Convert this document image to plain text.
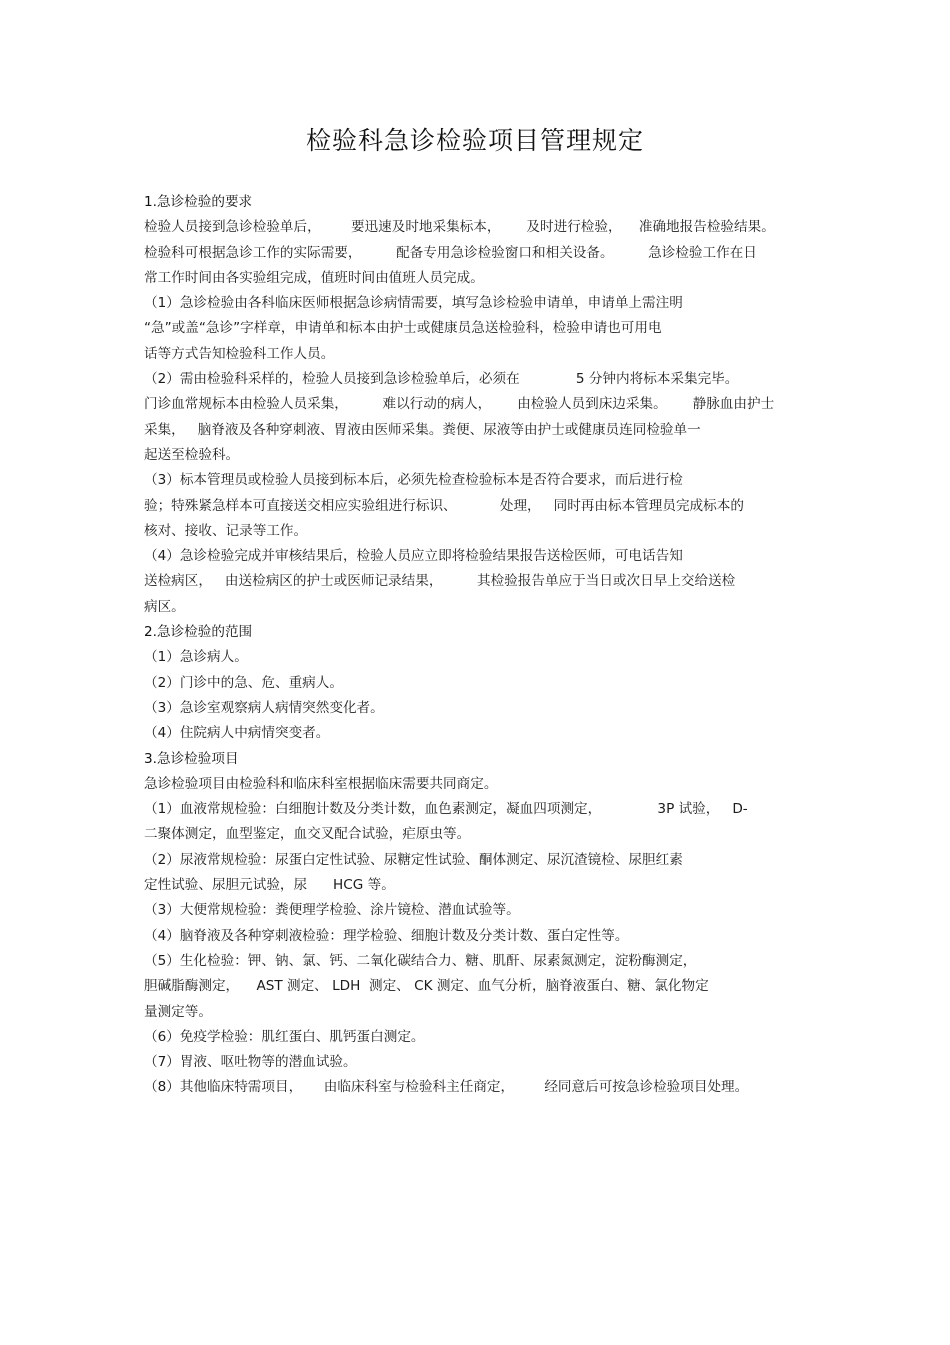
检验科急诊检验项目管理规定
1.急诊检验的要求
检验人员接到急诊检验单后，       要迅速及时地采集标本，      及时进行检验，    准确地报告检验结果。
检验科可根据急诊工作的实际需要，        配备专用急诊检验窗口和相关设备。        急诊检验工作在日
常工作时间由各实验组完成，值班时间由值班人员完成。
（1）急诊检验由各科临床医师根据急诊病情需要，填写急诊检验申请单，申请单上需注明
“急”或盖“急诊”字样章，申请单和标本由护士或健康员急送检验科，检验申请也可用电
话等方式告知检验科工作人员。
（2）需由检验科采样的，检验人员接到急诊检验单后，必须在             5 分钟内将标本采集完毕。
门诊血常规标本由检验人员采集，        难以行动的病人，      由检验人员到床边采集。      静脉血由护士
采集，   脑脊液及各种穿刺液、胃液由医师采集。粪便、尿液等由护士或健康员连同检验单一
起送至检验科。
（3）标本管理员或检验人员接到标本后，必须先检查检验标本是否符合要求，而后进行检
验；特殊紧急样本可直接送交相应实验组进行标识、          处理，   同时再由标本管理员完成标本的
核对、接收、记录等工作。
（4）急诊检验完成并审核结果后，检验人员应立即将检验结果报告送检医师，可电话告知
送检病区，   由送检病区的护士或医师记录结果，        其检验报告单应于当日或次日早上交给送检
病区。
2.急诊检验的范围
（1）急诊病人。
（2）门诊中的急、危、重病人。
（3）急诊室观察病人病情突然变化者。
（4）住院病人中病情突变者。
3.急诊检验项目
急诊检验项目由检验科和临床科室根据临床需要共同商定。
（1）血液常规检验：白细胞计数及分类计数，血色素测定，凝血四项测定，             3P 试验，   D-
二聚体测定，血型鉴定，血交叉配合试验，疟原虫等。
（2）尿液常规检验：尿蛋白定性试验、尿糖定性试验、酮体测定、尿沉渣镜检、尿胆红素
定性试验、尿胆元试验，尿      HCG 等。
（3）大便常规检验：粪便理学检验、涂片镜检、潜血试验等。
（4）脑脊液及各种穿刺液检验：理学检验、细胞计数及分类计数、蛋白定性等。
（5）生化检验：钾、钠、氯、钙、二氧化碳结合力、糖、肌酐、尿素氮测定，淀粉酶测定，
胆碱脂酶测定，    AST 测定、 LDH  测定、 CK 测定、血气分析，脑脊液蛋白、糖、氯化物定
量测定等。
（6）免疫学检验：肌红蛋白、肌钙蛋白测定。
（7）胃液、呕吐物等的潜血试验。
（8）其他临床特需项目，     由临床科室与检验科主任商定，       经同意后可按急诊检验项目处理。
